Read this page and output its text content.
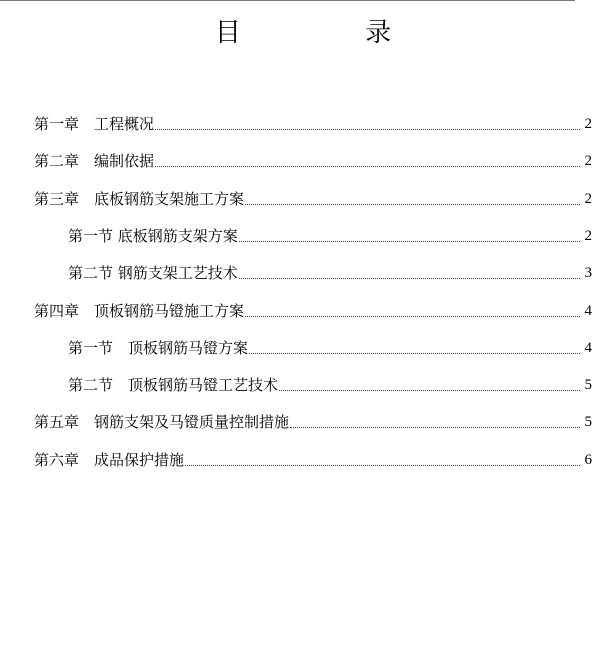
目 录
第一章　工程概况	2
第二章　编制依据	2
第三章　底板钢筋支架施工方案	2
第一节 底板钢筋支架方案	2
第二节 钢筋支架工艺技术	3
第四章　顶板钢筋马镫施工方案	4
第一节　顶板钢筋马镫方案	4
第二节　顶板钢筋马镫工艺技术	5
第五章　钢筋支架及马镫质量控制措施	5
第六章　成品保护措施	6
